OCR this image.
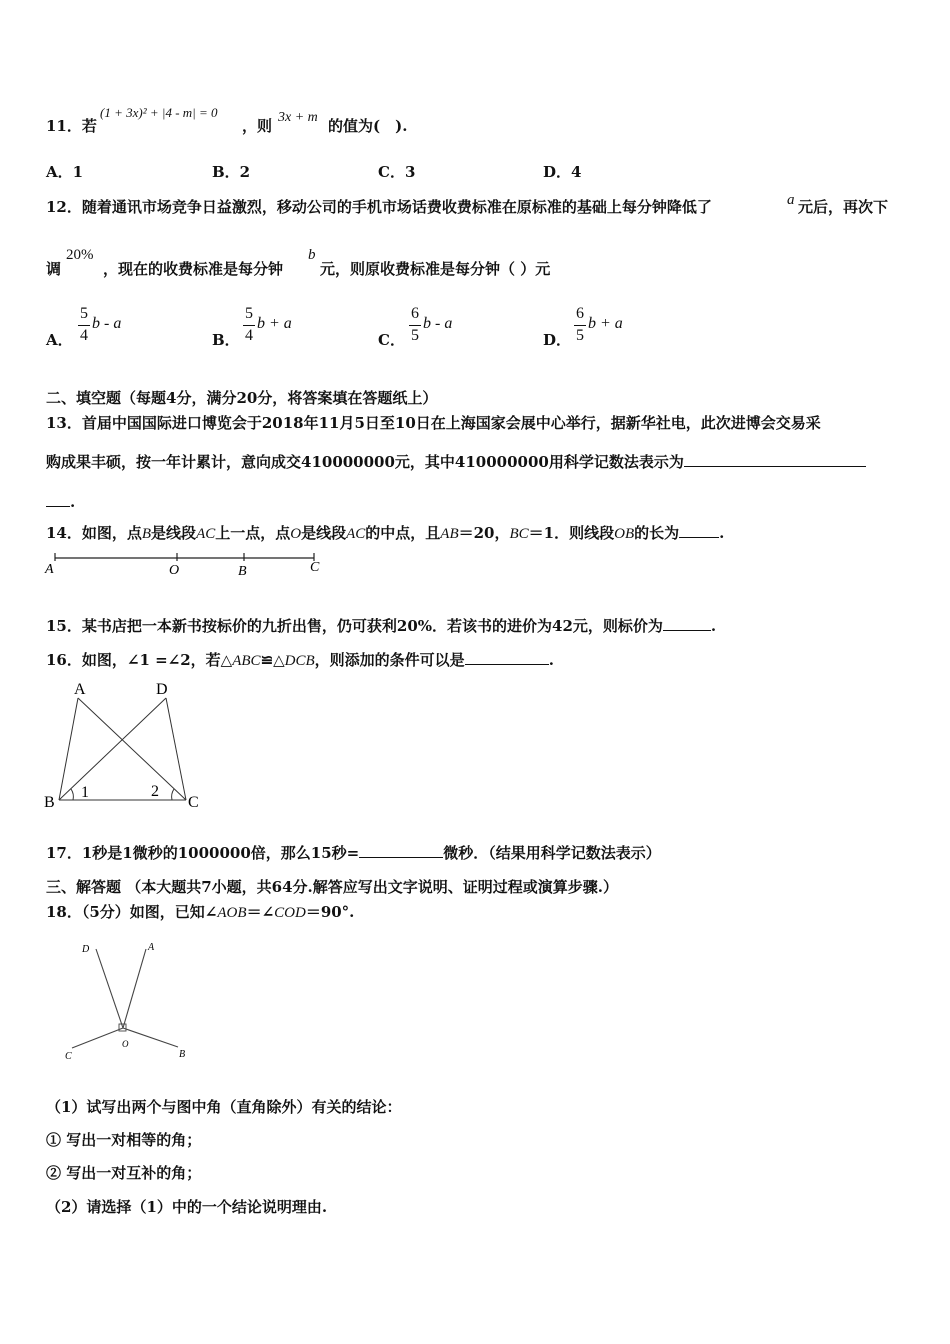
11．若
(1 + 3x)² + |4 - m| = 0
，则 3x + m 的值为(　).
A．1	B．2	C．3	D．4
12．随着通讯市场竞争日益激烈，移动公司的手机市场话费收费标准在原标准的基础上每分钟降低了	a 元后，再次下
调
20%
，现在的收费标准是每分钟
b
元，则原收费标准是每分钟（ ）元
A．
5
4
b - a
B．
5
4
b + a
C．
6
5
b - a
D．
6
5
b + a
二、填空题（每题4分，满分20分，将答案填在答题纸上）
13．首届中国国际进口博览会于2018年11月5日至10日在上海国家会展中心举行，据新华社电，此次进博会交易采
购成果丰硕，按一年计累计，意向成交410000000元，其中410000000用科学记数法表示为
.
14．如图，点B是线段AC上一点，点O是线段AC的中点，且AB＝20，BC＝1．则线段OB的长为	.
A	O	B	C
15．某书店把一本新书按标价的九折出售，仍可获利20%．若该书的进价为42元，则标价为	.
16．如图，∠1 =∠2，若△ABC≌△DCB，则添加的条件可以是	.
A	D
B	C
1	2
17．1秒是1微秒的1000000倍，那么15秒=	微秒．（结果用科学记数法表示）
三、解答题 （本大题共7小题，共64分.解答应写出文字说明、证明过程或演算步骤.）
18．（5分）如图，已知∠AOB＝∠COD＝90°.
D	A
O
C	B
（1）试写出两个与图中角（直角除外）有关的结论：
① 写出一对相等的角；
② 写出一对互补的角；
（2）请选择（1）中的一个结论说明理由.
